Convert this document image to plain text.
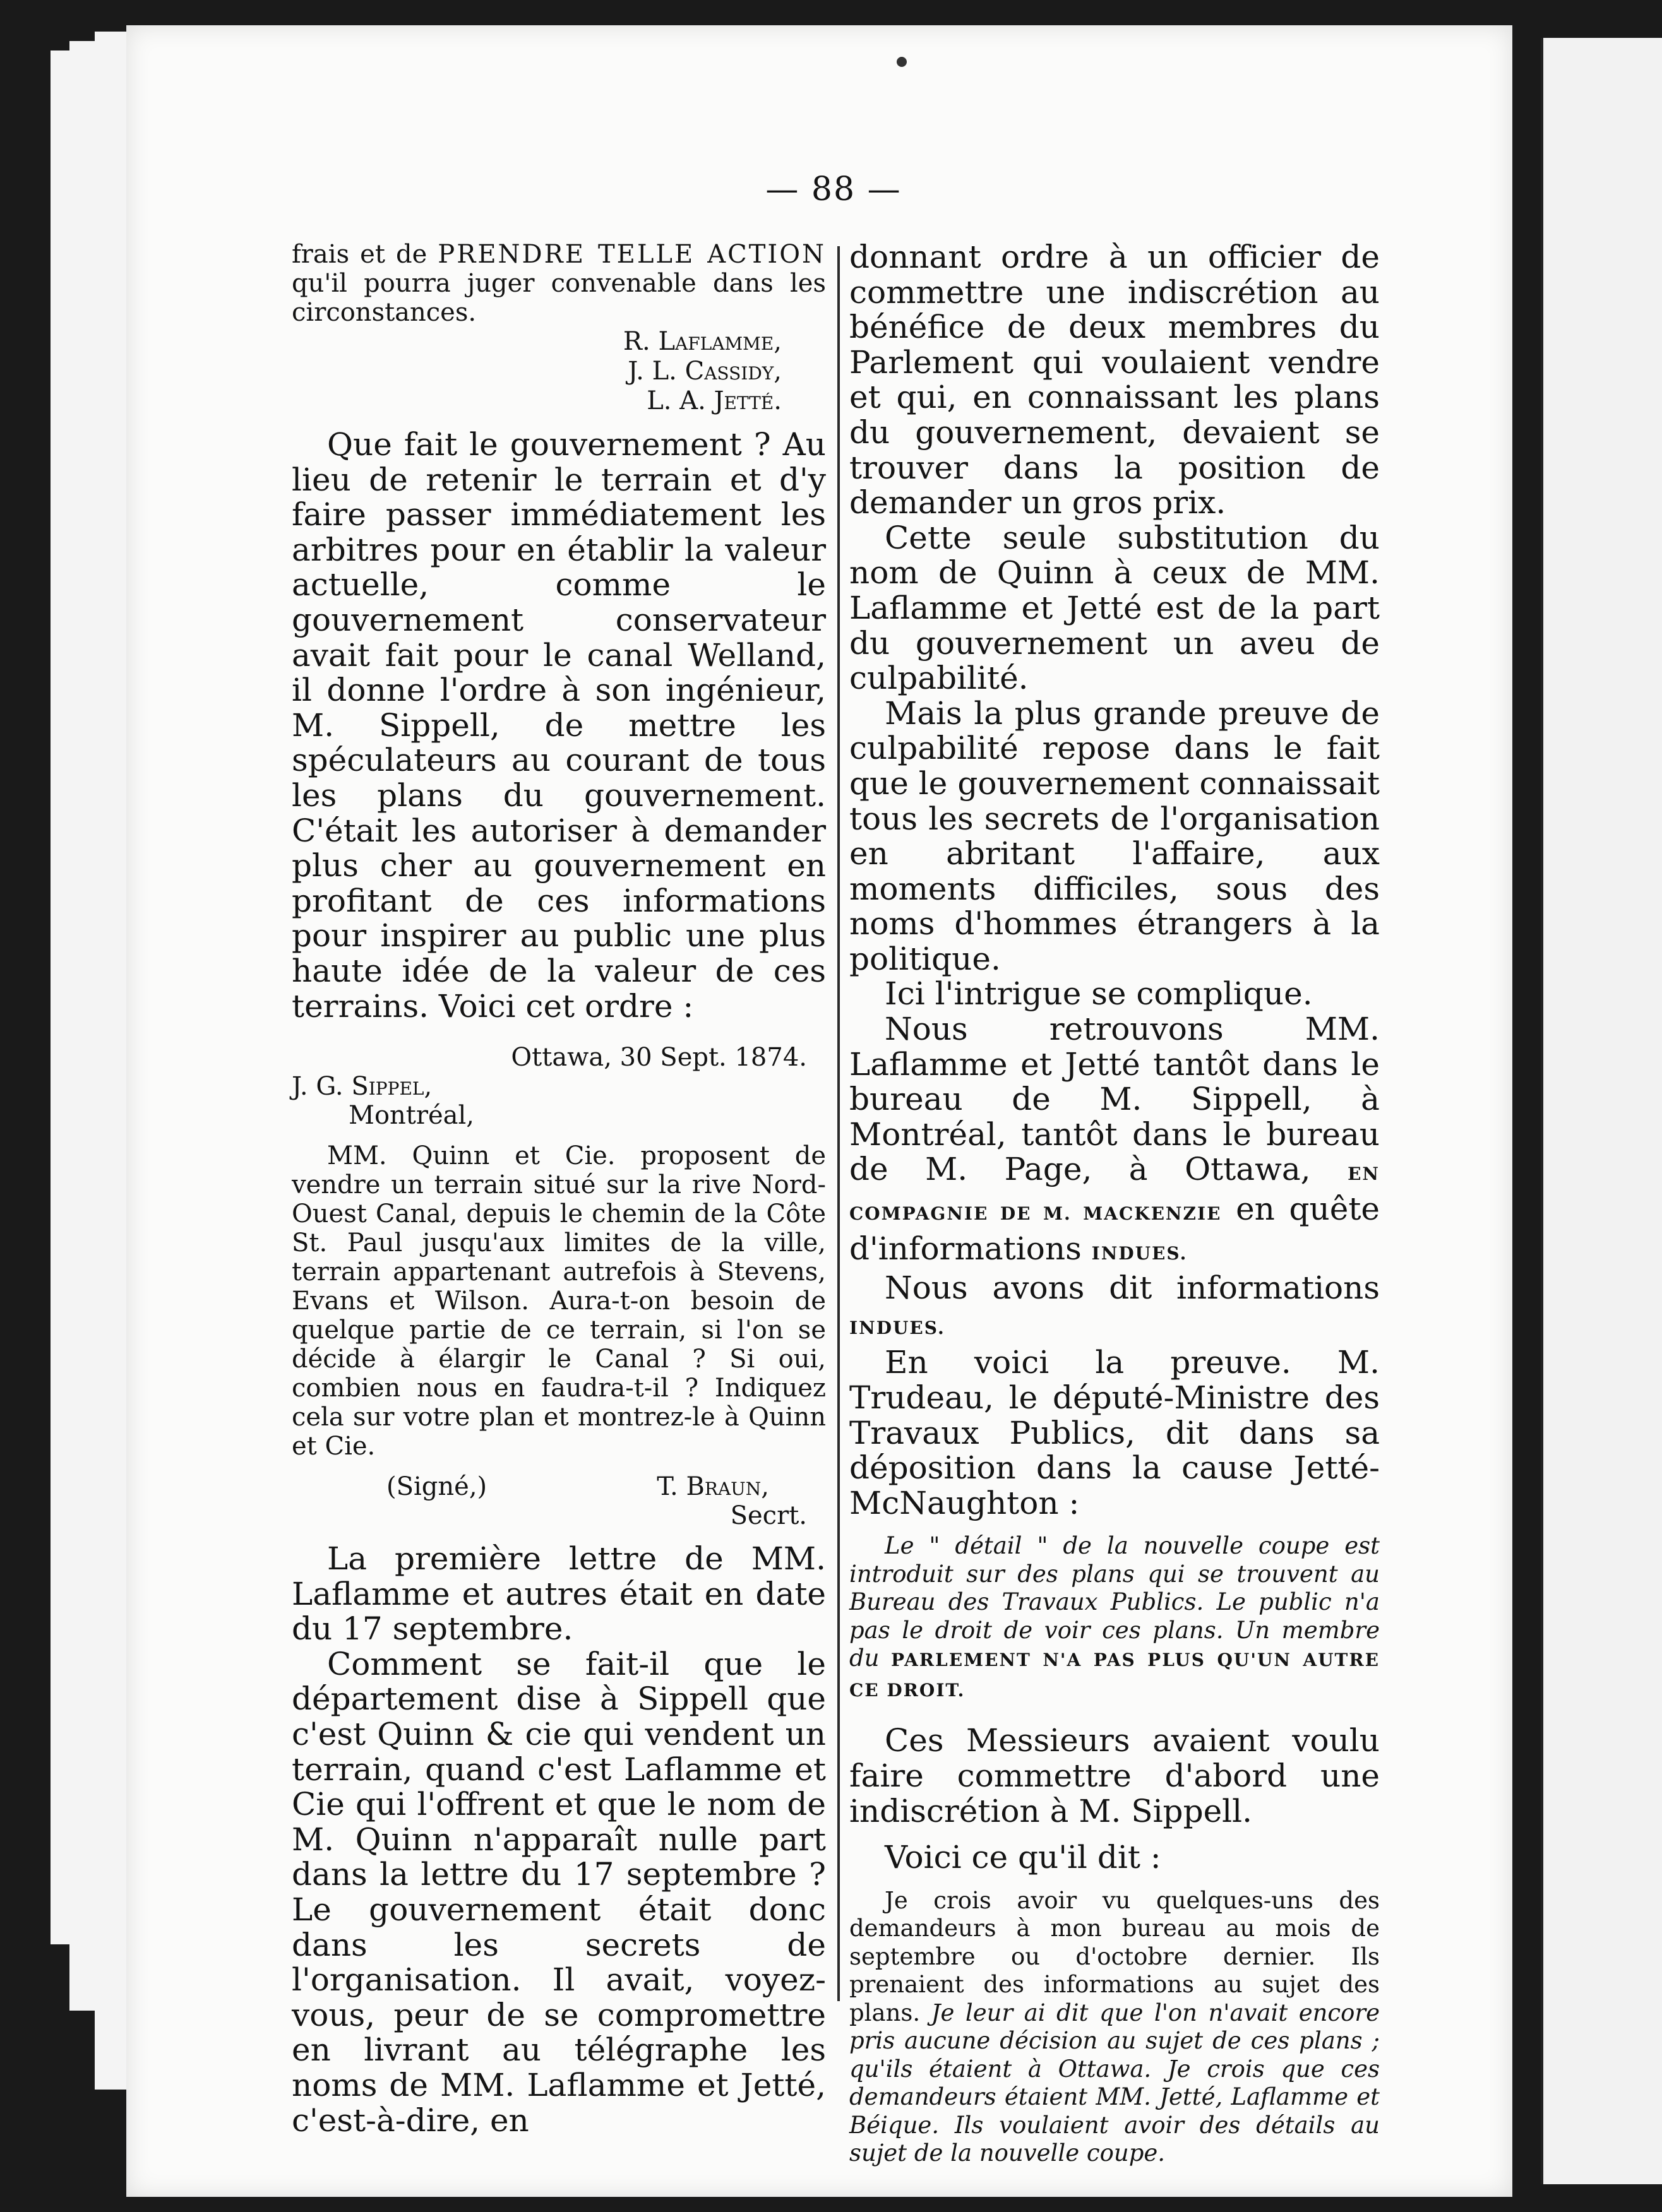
— 88 —

frais et de PRENDRE TELLE ACTION qu'il pourra juger convenable dans les circonstances.

R. Laflamme,
J. L. Cassidy,
L. A. Jetté.

Que fait le gouvernement ? Au lieu de retenir le terrain et d'y faire passer immédiatement les arbitres pour en établir la valeur actuelle, comme le gouvernement conservateur avait fait pour le canal Welland, il donne l'ordre à son ingénieur, M. Sippell, de mettre les spéculateurs au courant de tous les plans du gouvernement. C'était les autoriser à demander plus cher au gouvernement en profitant de ces informations pour inspirer au public une plus haute idée de la valeur de ces terrains. Voici cet ordre :

Ottawa, 30 Sept. 1874.

J. G. Sippel,

Montréal,

MM. Quinn et Cie. proposent de vendre un terrain situé sur la rive Nord-Ouest Canal, depuis le chemin de la Côte St. Paul jusqu'aux limites de la ville, terrain appartenant autrefois à Stevens, Evans et Wilson. Aura-t-on besoin de quelque partie de ce terrain, si l'on se décide à élargir le Canal ? Si oui, combien nous en faudra-t-il ? Indiquez cela sur votre plan et montrez-le à Quinn et Cie.

(Signé,)	T. Braun,

Secrt.

La première lettre de MM. Laflamme et autres était en date du 17 septembre.

Comment se fait-il que le département dise à Sippell que c'est Quinn & cie qui vendent un terrain, quand c'est Laflamme et Cie qui l'offrent et que le nom de M. Quinn n'apparaît nulle part dans la lettre du 17 septembre ? Le gouvernement était donc dans les secrets de l'organisation. Il avait, voyez-vous, peur de se compromettre en livrant au télégraphe les noms de MM. Laflamme et Jetté, c'est-à-dire, en

donnant ordre à un officier de commettre une indiscrétion au bénéfice de deux membres du Parlement qui voulaient vendre et qui, en connaissant les plans du gouvernement, devaient se trouver dans la position de demander un gros prix.

Cette seule substitution du nom de Quinn à ceux de MM. Laflamme et Jetté est de la part du gouvernement un aveu de culpabilité.

Mais la plus grande preuve de culpabilité repose dans le fait que le gouvernement connaissait tous les secrets de l'organisation en abritant l'affaire, aux moments difficiles, sous des noms d'hommes étrangers à la politique.

Ici l'intrigue se complique.

Nous retrouvons MM. Laflamme et Jetté tantôt dans le bureau de M. Sippell, à Montréal, tantôt dans le bureau de M. Page, à Ottawa, EN COMPAGNIE DE M. MACKENZIE en quête d'informations INDUES.

Nous avons dit informations INDUES.

En voici la preuve. M. Trudeau, le député-Ministre des Travaux Publics, dit dans sa déposition dans la cause Jetté-McNaughton :

Le " détail " de la nouvelle coupe est introduit sur des plans qui se trouvent au Bureau des Travaux Publics. Le public n'a pas le droit de voir ces plans. Un membre du PARLEMENT N'A PAS PLUS QU'UN AUTRE CE DROIT.

Ces Messieurs avaient voulu faire commettre d'abord une indiscrétion à M. Sippell.

Voici ce qu'il dit :

Je crois avoir vu quelques-uns des demandeurs à mon bureau au mois de septembre ou d'octobre dernier. Ils prenaient des informations au sujet des plans. Je leur ai dit que l'on n'avait encore pris aucune décision au sujet de ces plans ; qu'ils étaient à Ottawa. Je crois que ces demandeurs étaient MM. Jetté, Laflamme et Béique. Ils voulaient avoir des détails au sujet de la nouvelle coupe.
